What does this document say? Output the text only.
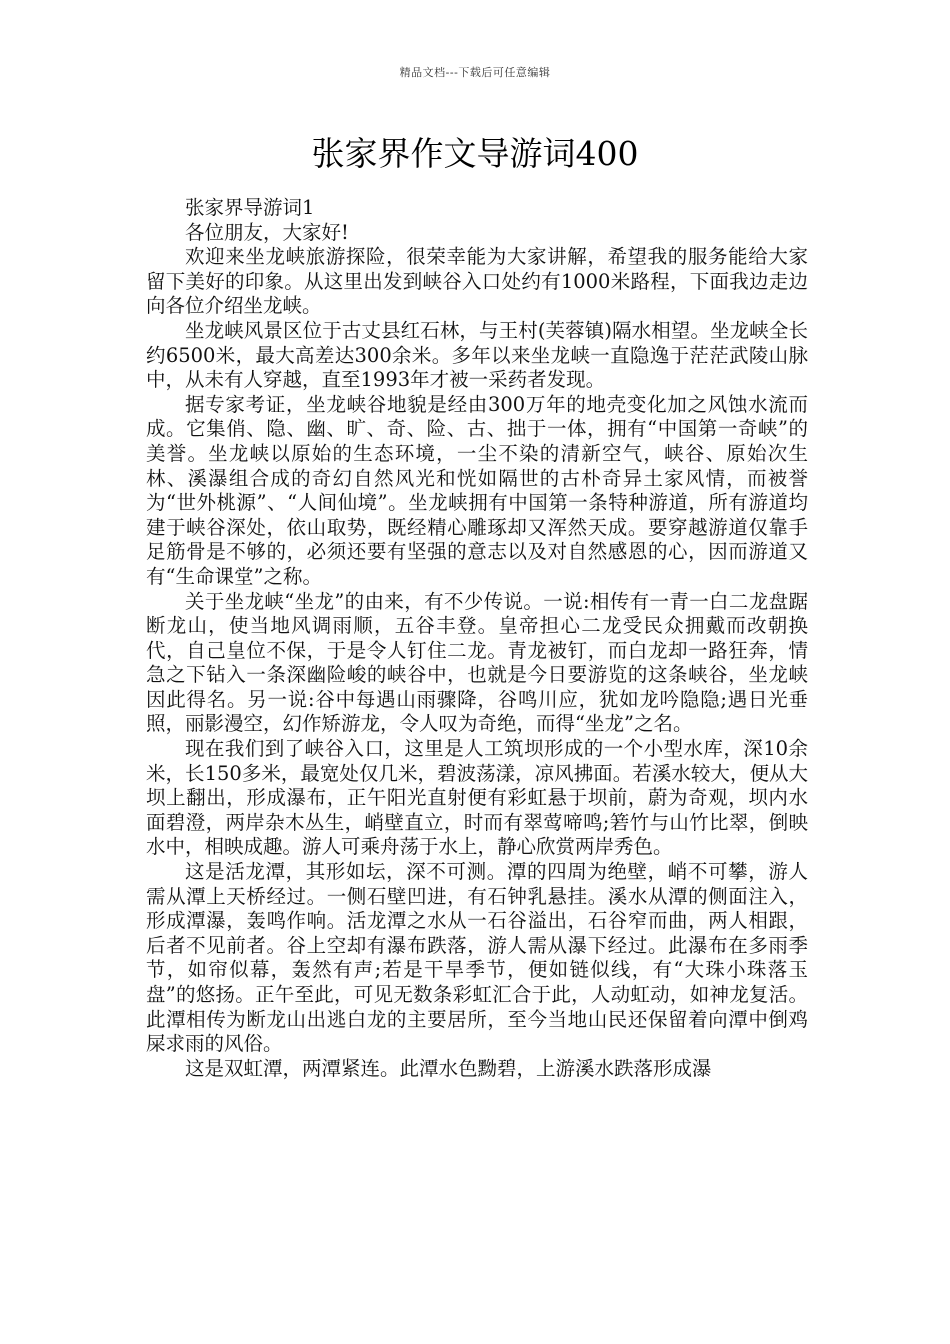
精品文档---下载后可任意编辑
张家界作文导游词400

张家界导游词1

各位朋友，大家好!

欢迎来坐龙峡旅游探险，很荣幸能为大家讲解，希望我的服务能给大家留下美好的印象。从这里出发到峡谷入口处约有1000米路程，下面我边走边向各位介绍坐龙峡。

坐龙峡风景区位于古丈县红石林，与王村(芙蓉镇)隔水相望。坐龙峡全长约6500米，最大高差达300余米。多年以来坐龙峡一直隐逸于茫茫武陵山脉中，从未有人穿越，直至1993年才被一采药者发现。

据专家考证，坐龙峡谷地貌是经由300万年的地壳变化加之风蚀水流而成。它集俏、隐、幽、旷、奇、险、古、拙于一体，拥有“中国第一奇峡”的美誉。坐龙峡以原始的生态环境，一尘不染的清新空气，峡谷、原始次生林、溪瀑组合成的奇幻自然风光和恍如隔世的古朴奇异土家风情，而被誉为“世外桃源”、“人间仙境”。坐龙峡拥有中国第一条特种游道，所有游道均建于峡谷深处，依山取势，既经精心雕琢却又浑然天成。要穿越游道仅靠手足筋骨是不够的，必须还要有坚强的意志以及对自然感恩的心，因而游道又有“生命课堂”之称。

关于坐龙峡“坐龙”的由来，有不少传说。一说:相传有一青一白二龙盘踞断龙山，使当地风调雨顺，五谷丰登。皇帝担心二龙受民众拥戴而改朝换代，自己皇位不保，于是令人钉住二龙。青龙被钉，而白龙却一路狂奔，情急之下钻入一条深幽险峻的峡谷中，也就是今日要游览的这条峡谷，坐龙峡因此得名。另一说:谷中每遇山雨骤降，谷鸣川应，犹如龙吟隐隐;遇日光垂照，丽影漫空，幻作矫游龙，令人叹为奇绝，而得“坐龙”之名。

现在我们到了峡谷入口，这里是人工筑坝形成的一个小型水库，深10余米，长150多米，最宽处仅几米，碧波荡漾，凉风拂面。若溪水较大，便从大坝上翻出，形成瀑布，正午阳光直射便有彩虹悬于坝前，蔚为奇观，坝内水面碧澄，两岸杂木丛生，峭壁直立，时而有翠莺啼鸣;箬竹与山竹比翠，倒映水中，相映成趣。游人可乘舟荡于水上，静心欣赏两岸秀色。

这是活龙潭，其形如坛，深不可测。潭的四周为绝壁，峭不可攀，游人需从潭上天桥经过。一侧石壁凹进，有石钟乳悬挂。溪水从潭的侧面注入，形成潭瀑，轰鸣作响。活龙潭之水从一石谷溢出，石谷窄而曲，两人相跟，后者不见前者。谷上空却有瀑布跌落，游人需从瀑下经过。此瀑布在多雨季节，如帘似幕，轰然有声;若是干旱季节，便如链似线，有“大珠小珠落玉盘”的悠扬。正午至此，可见无数条彩虹汇合于此，人动虹动，如神龙复活。此潭相传为断龙山出逃白龙的主要居所，至今当地山民还保留着向潭中倒鸡屎求雨的风俗。

这是双虹潭，两潭紧连。此潭水色黝碧，上游溪水跌落形成瀑
